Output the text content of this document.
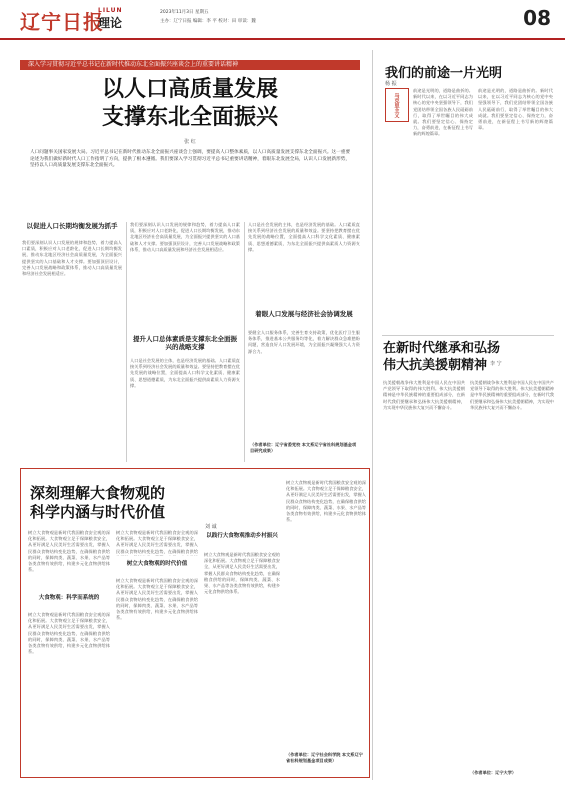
辽宁日报
LILUN
理论
2023年11月3日 星期五
主办：辽宁日报 编辑：李 平 校对：田 审读：魏	08
深入学习贯彻习近平总书记在新时代推动东北全面振兴座谈会上的重要讲话精神
以人口高质量发展
支撑东北全面振兴
张 红
人口问题事关国家发展大局。习近平总书记在新时代推动东北全面振兴座谈会上强调，要提高人口整体素质，以人口高质量发展支撑东北全面振兴。这一重要论述为我们做好新时代人口工作指明了方向，提供了根本遵循。我们要深入学习贯彻习近平总书记重要讲话精神，着眼东北发展全局，认识人口发展新形势，坚持以人口高质量发展支撑东北全面振兴。
以促进人口长期均衡发展为抓手
我们要深刻认识人口发展的规律和趋势，着力提高人口素质，积极应对人口老龄化，促进人口长期均衡发展，推动东北地区经济社会高质量发展，为全面振兴提供坚实的人口基础和人才支撑。要加强顶层设计，完善人口发展战略和政策体系，推动人口高质量发展和经济社会发展相适应。
我们要深刻认识人口发展的规律和趋势，着力提高人口素质，积极应对人口老龄化，促进人口长期均衡发展，推动东北地区经济社会高质量发展，为全面振兴提供坚实的人口基础和人才支撑。要加强顶层设计，完善人口发展战略和政策体系，推动人口高质量发展和经济社会发展相适应。
提升人口总体素质是支撑东北全面振兴的战略支撑
人口是社会发展的主体，也是经济发展的基础。人口素质直接关系到经济社会发展的质量和效益。要坚持把教育摆在优先发展的战略位置，全面提高人口科学文化素质、健康素质、思想道德素质，为东北全面振兴提供高素质人力资源支撑。
人口是社会发展的主体，也是经济发展的基础。人口素质直接关系到经济社会发展的质量和效益。要坚持把教育摆在优先发展的战略位置，全面提高人口科学文化素质、健康素质、思想道德素质，为东北全面振兴提供高素质人力资源支撑。
着眼人口发展与经济社会协调发展
要健全人口服务体系，完善生育支持政策，优化医疗卫生服务体系，推进基本公共服务均等化，着力解决群众急难愁盼问题，营造良好人口发展环境，为全面振兴凝聚强大人力资源合力。
（作者单位：辽宁省委党校 本文系辽宁省社科规划基金项目研究成果）
我们的前途一片光明
杨 振
马克思主义
前途是光明的，道路是曲折的。新时代以来，在以习近平同志为核心的党中央坚强领导下，我们党团结带领全国各族人民砥砺前行，取得了举世瞩目的伟大成就。我们要坚定信心、保持定力，奋勇前进，在新征程上书写新的辉煌篇章。
前途是光明的，道路是曲折的。新时代以来，在以习近平同志为核心的党中央坚强领导下，我们党团结带领全国各族人民砥砺前行，取得了举世瞩目的伟大成就。我们要坚定信心、保持定力，奋勇前进，在新征程上书写新的辉煌篇章。
在新时代继承和弘扬
伟大抗美援朝精神 李 宁
抗美援朝战争伟大胜利是中国人民在中国共产党领导下取得的伟大胜利。伟大抗美援朝精神是中华民族精神的重要组成部分，在新时代我们要继承和弘扬伟大抗美援朝精神，为实现中华民族伟大复兴而不懈奋斗。
抗美援朝战争伟大胜利是中国人民在中国共产党领导下取得的伟大胜利。伟大抗美援朝精神是中华民族精神的重要组成部分，在新时代我们要继承和弘扬伟大抗美援朝精神，为实现中华民族伟大复兴而不懈奋斗。
（作者单位：辽宁大学）
深刻理解大食物观的
科学内涵与时代价值
刘 诚
树立大食物观是新时代我国粮食安全观的深化和拓展。大食物观立足于保障粮食安全，从更好满足人民美好生活需要出发，掌握人民群众食物结构变化趋势，在确保粮食供给的同时，保障肉类、蔬菜、水果、水产品等各类食物有效供给，构建多元化食物供给体系。
大食物观：科学而系统的
树立大食物观是新时代我国粮食安全观的深化和拓展。大食物观立足于保障粮食安全，从更好满足人民美好生活需要出发，掌握人民群众食物结构变化趋势，在确保粮食供给的同时，保障肉类、蔬菜、水果、水产品等各类食物有效供给，构建多元化食物供给体系。
树立大食物观是新时代我国粮食安全观的深化和拓展。大食物观立足于保障粮食安全，从更好满足人民美好生活需要出发，掌握人民群众食物结构变化趋势，在确保粮食供给
树立大食物观的时代价值
树立大食物观是新时代我国粮食安全观的深化和拓展。大食物观立足于保障粮食安全，从更好满足人民美好生活需要出发，掌握人民群众食物结构变化趋势，在确保粮食供给的同时，保障肉类、蔬菜、水果、水产品等各类食物有效供给，构建多元化食物供给体系。
以践行大食物观推动乡村振兴
树立大食物观是新时代我国粮食安全观的深化和拓展。大食物观立足于保障粮食安全，从更好满足人民美好生活需要出发，掌握人民群众食物结构变化趋势，在确保粮食供给的同时，保障肉类、蔬菜、水果、水产品等各类食物有效供给，构建多元化食物供给体系。
树立大食物观是新时代我国粮食安全观的深化和拓展。大食物观立足于保障粮食安全，从更好满足人民美好生活需要出发，掌握人民群众食物结构变化趋势，在确保粮食供给的同时，保障肉类、蔬菜、水果、水产品等各类食物有效供给，构建多元化食物供给体系。
（作者单位：辽宁社会科学院 本文系辽宁省社科规划基金项目成果）
